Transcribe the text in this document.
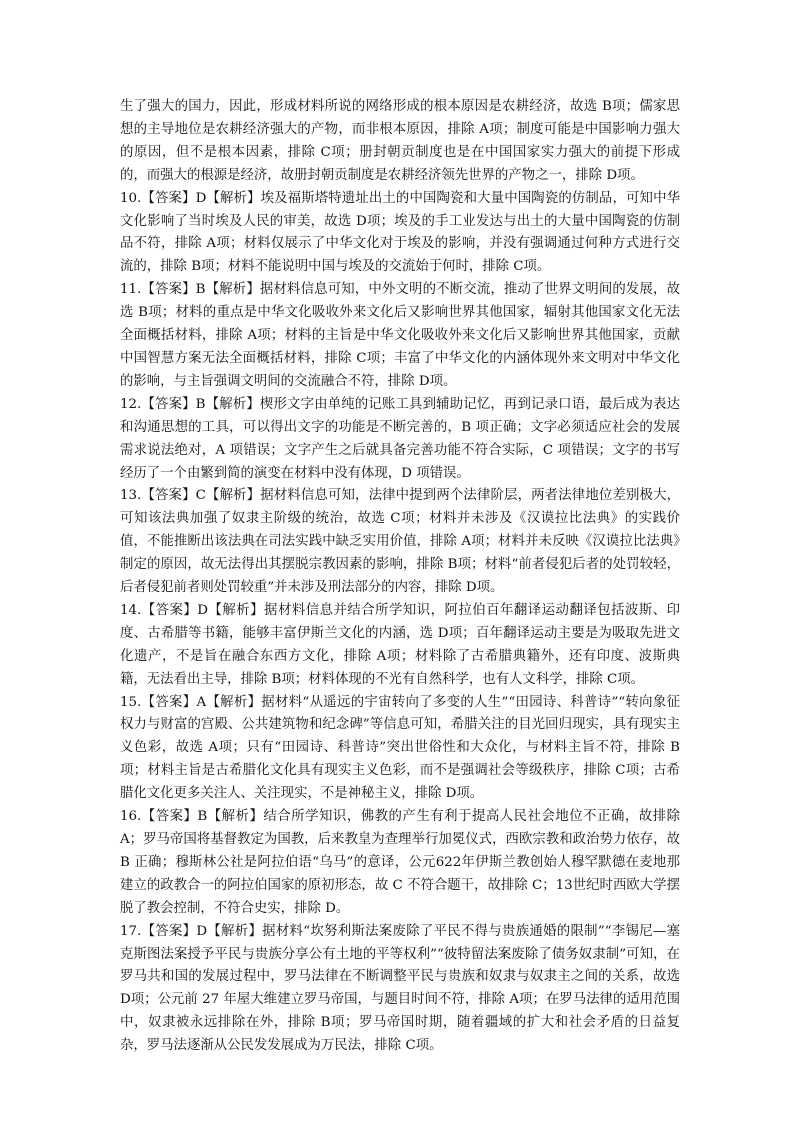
生了强大的国力，因此，形成材料所说的网络形成的根本原因是农耕经济，故选 B项；儒家思想的主导地位是农耕经济强大的产物，而非根本原因，排除 A项；制度可能是中国影响力强大的原因，但不是根本因素，排除 C项；册封朝贡制度也是在中国国家实力强大的前提下形成的，而强大的根源是经济，故册封朝贡制度是农耕经济领先世界的产物之一，排除 D项。

10.【答案】D【解析】埃及福斯塔特遗址出土的中国陶瓷和大量中国陶瓷的仿制品，可知中华文化影响了当时埃及人民的审美，故选 D项；埃及的手工业发达与出土的大量中国陶瓷的仿制品不符，排除 A项；材料仅展示了中华文化对于埃及的影响，并没有强调通过何种方式进行交流的，排除 B项；材料不能说明中国与埃及的交流始于何时，排除 C项。

11.【答案】B【解析】据材料信息可知，中外文明的不断交流，推动了世界文明间的发展，故选 B项；材料的重点是中华文化吸收外来文化后又影响世界其他国家，辐射其他国家文化无法全面概括材料，排除 A项；材料的主旨是中华文化吸收外来文化后又影响世界其他国家，贡献中国智慧方案无法全面概括材料，排除 C项；丰富了中华文化的内涵体现外来文明对中华文化的影响，与主旨强调文明间的交流融合不符，排除 D项。

12.【答案】B【解析】楔形文字由单纯的记账工具到辅助记忆，再到记录口语，最后成为表达和沟通思想的工具，可以得出文字的功能是不断完善的，B 项正确；文字必须适应社会的发展需求说法绝对，A 项错误；文字产生之后就具备完善功能不符合实际，C 项错误；文字的书写经历了一个由繁到简的演变在材料中没有体现，D 项错误。

13.【答案】C【解析】据材料信息可知，法律中提到两个法律阶层，两者法律地位差别极大，可知该法典加强了奴隶主阶级的统治，故选 C项；材料并未涉及《汉谟拉比法典》的实践价值，不能推断出该法典在司法实践中缺乏实用价值，排除 A项；材料并未反映《汉谟拉比法典》制定的原因，故无法得出其摆脱宗教因素的影响，排除 B项；材料“前者侵犯后者的处罚较轻，后者侵犯前者则处罚较重”并未涉及刑法部分的内容，排除 D项。

14.【答案】D【解析】据材料信息并结合所学知识，阿拉伯百年翻译运动翻译包括波斯、印度、古希腊等书籍，能够丰富伊斯兰文化的内涵，选 D项；百年翻译运动主要是为吸取先进文化遗产，不是旨在融合东西方文化，排除 A项；材料除了古希腊典籍外，还有印度、波斯典籍，无法看出主导，排除 B项；材料体现的不光有自然科学，也有人文科学，排除 C项。

15.【答案】A【解析】据材料“从遥远的宇宙转向了多变的人生”“田园诗、科普诗”“转向象征权力与财富的宫殿、公共建筑物和纪念碑”等信息可知，希腊关注的目光回归现实，具有现实主义色彩，故选 A项；只有“田园诗、科普诗”突出世俗性和大众化，与材料主旨不符，排除 B项；材料主旨是古希腊化文化具有现实主义色彩，而不是强调社会等级秩序，排除 C项；古希腊化文化更多关注人、关注现实，不是神秘主义，排除 D项。

16.【答案】B【解析】结合所学知识，佛教的产生有利于提高人民社会地位不正确，故排除 A；罗马帝国将基督教定为国教，后来教皇为查理举行加冕仪式，西欧宗教和政治势力依存，故 B 正确；穆斯林公社是阿拉伯语“乌马”的意译，公元622年伊斯兰教创始人穆罕默德在麦地那建立的政教合一的阿拉伯国家的原初形态，故 C 不符合题干，故排除 C；13世纪时西欧大学摆脱了教会控制，不符合史实，排除 D。

17.【答案】D【解析】据材料“坎努利斯法案废除了平民不得与贵族通婚的限制”“李锡尼—塞克斯图法案授予平民与贵族分享公有土地的平等权利”“彼特留法案废除了债务奴隶制”可知，在罗马共和国的发展过程中，罗马法律在不断调整平民与贵族和奴隶与奴隶主之间的关系，故选 D项；公元前 27 年屋大维建立罗马帝国，与题目时间不符，排除 A项；在罗马法律的适用范围中，奴隶被永远排除在外，排除 B项；罗马帝国时期，随着疆域的扩大和社会矛盾的日益复杂，罗马法逐渐从公民发发展成为万民法，排除 C项。
